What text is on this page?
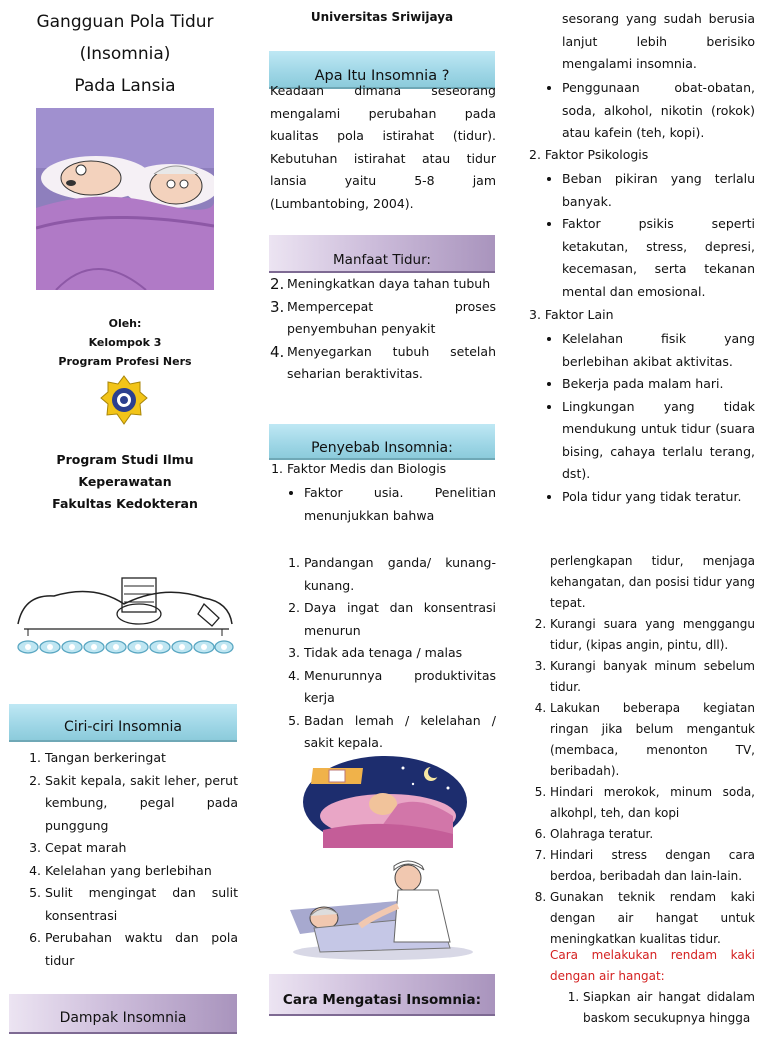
Gangguan Pola Tidur
(Insomnia)
Pada Lansia
Oleh:
Kelompok 3
Program Profesi Ners
Program Studi Ilmu
Keperawatan
Fakultas Kedokteran
Ciri-ciri Insomnia
1. Tangan berkeringat
2. Sakit kepala, sakit leher, perut kembung, pegal pada punggung
3. Cepat marah
4. Kelelahan yang berlebihan
5. Sulit mengingat dan sulit konsentrasi
6. Perubahan waktu dan pola tidur
Dampak Insomnia
Universitas Sriwijaya
Apa Itu Insomnia ?
Keadaan dimana seseorang mengalami perubahan pada kualitas pola istirahat (tidur). Kebutuhan istirahat atau tidur lansia yaitu 5-8 jam (Lumbantobing, 2004).
Manfaat Tidur:
2. Meningkatkan daya tahan tubuh
3. Mempercepat proses penyembuhan penyakit
4. Menyegarkan tubuh setelah seharian beraktivitas.
Penyebab Insomnia:
1. Faktor Medis dan Biologis
• Faktor usia. Penelitian menunjukkan bahwa
1. Pandangan ganda/ kunang-kunang.
2. Daya ingat dan konsentrasi menurun
3. Tidak ada tenaga / malas
4. Menurunnya produktivitas kerja
5. Badan lemah / kelelahan / sakit kepala.
Cara Mengatasi Insomnia:
sesorang yang sudah berusia lanjut lebih berisiko mengalami insomnia.
• Penggunaan obat-obatan, soda, alkohol, nikotin (rokok) atau kafein (teh, kopi).
2. Faktor Psikologis
• Beban pikiran yang terlalu banyak.
• Faktor psikis seperti ketakutan, stress, depresi, kecemasan, serta tekanan mental dan emosional.
3. Faktor Lain
• Kelelahan fisik yang berlebihan akibat aktivitas.
• Bekerja pada malam hari.
• Lingkungan yang tidak mendukung untuk tidur (suara bising, cahaya terlalu terang, dst).
• Pola tidur yang tidak teratur.
perlengkapan tidur, menjaga kehangatan, dan posisi tidur yang tepat.
2. Kurangi suara yang menggangu tidur, (kipas angin, pintu, dll).
3. Kurangi banyak minum sebelum tidur.
4. Lakukan beberapa kegiatan ringan jika belum mengantuk (membaca, menonton TV, beribadah).
5. Hindari merokok, minum soda, alkohpl, teh, dan kopi
6. Olahraga teratur.
7. Hindari stress dengan cara berdoa, beribadah dan lain-lain.
8. Gunakan teknik rendam kaki dengan air hangat untuk meningkatkan kualitas tidur.
Cara melakukan rendam kaki dengan air hangat:
1. Siapkan air hangat didalam baskom secukupnya hingga
